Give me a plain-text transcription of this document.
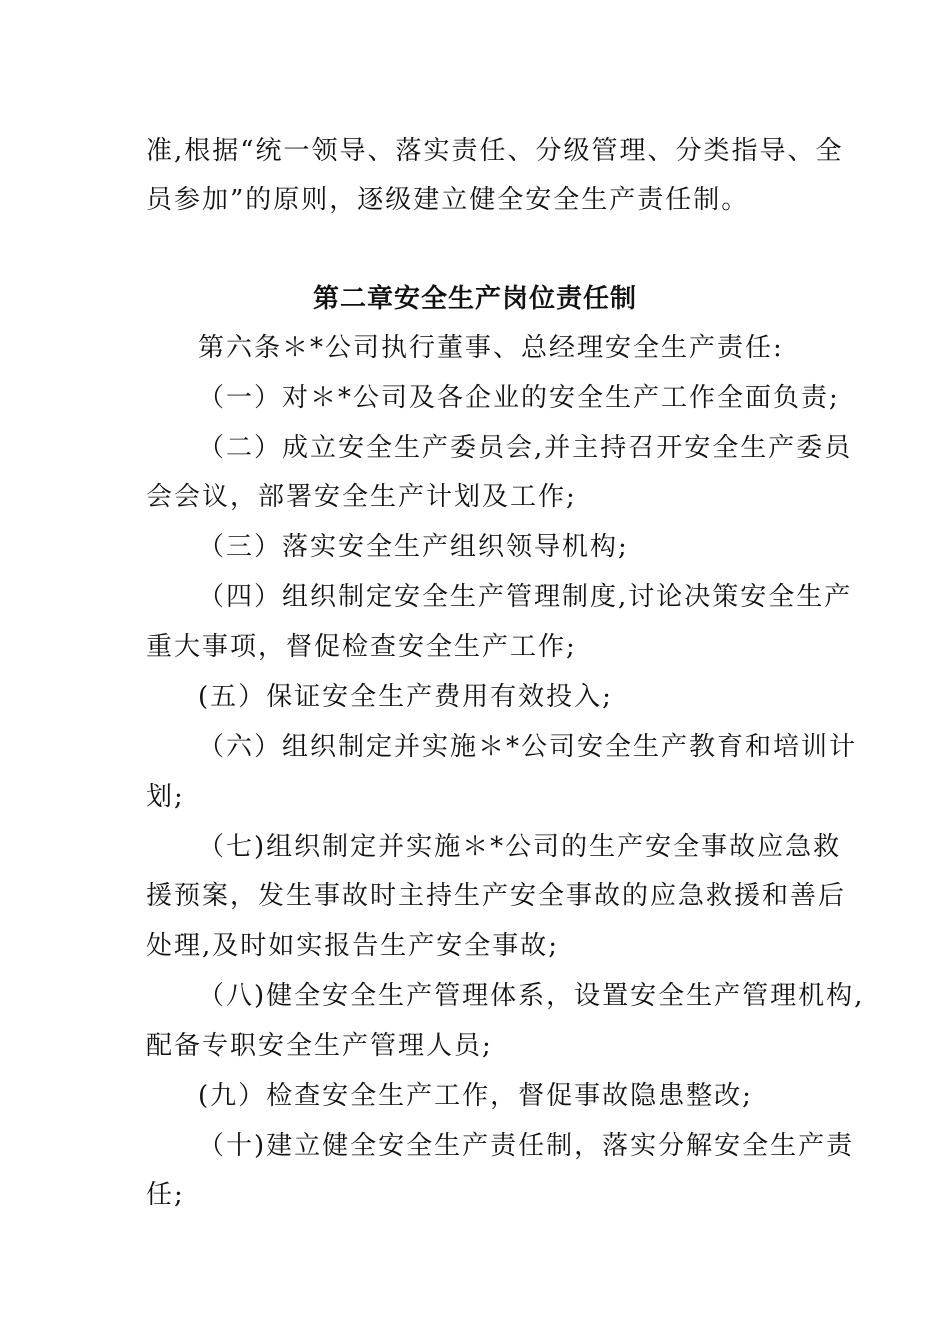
准,根据“统一领导、落实责任、分级管理、分类指导、全
员参加”的原则，逐级建立健全安全生产责任制。
第二章安全生产岗位责任制
第六条＊*公司执行董事、总经理安全生产责任:
（一）对＊*公司及各企业的安全生产工作全面负责;
（二）成立安全生产委员会,并主持召开安全生产委员
会会议，部署安全生产计划及工作;
（三）落实安全生产组织领导机构;
（四）组织制定安全生产管理制度,讨论决策安全生产
重大事项，督促检查安全生产工作;
(五）保证安全生产费用有效投入;
（六）组织制定并实施＊*公司安全生产教育和培训计
划;
（七)组织制定并实施＊*公司的生产安全事故应急救
援预案，发生事故时主持生产安全事故的应急救援和善后
处理,及时如实报告生产安全事故;
（八)健全安全生产管理体系，设置安全生产管理机构,
配备专职安全生产管理人员;
(九）检查安全生产工作，督促事故隐患整改;
（十)建立健全安全生产责任制，落实分解安全生产责
任;
